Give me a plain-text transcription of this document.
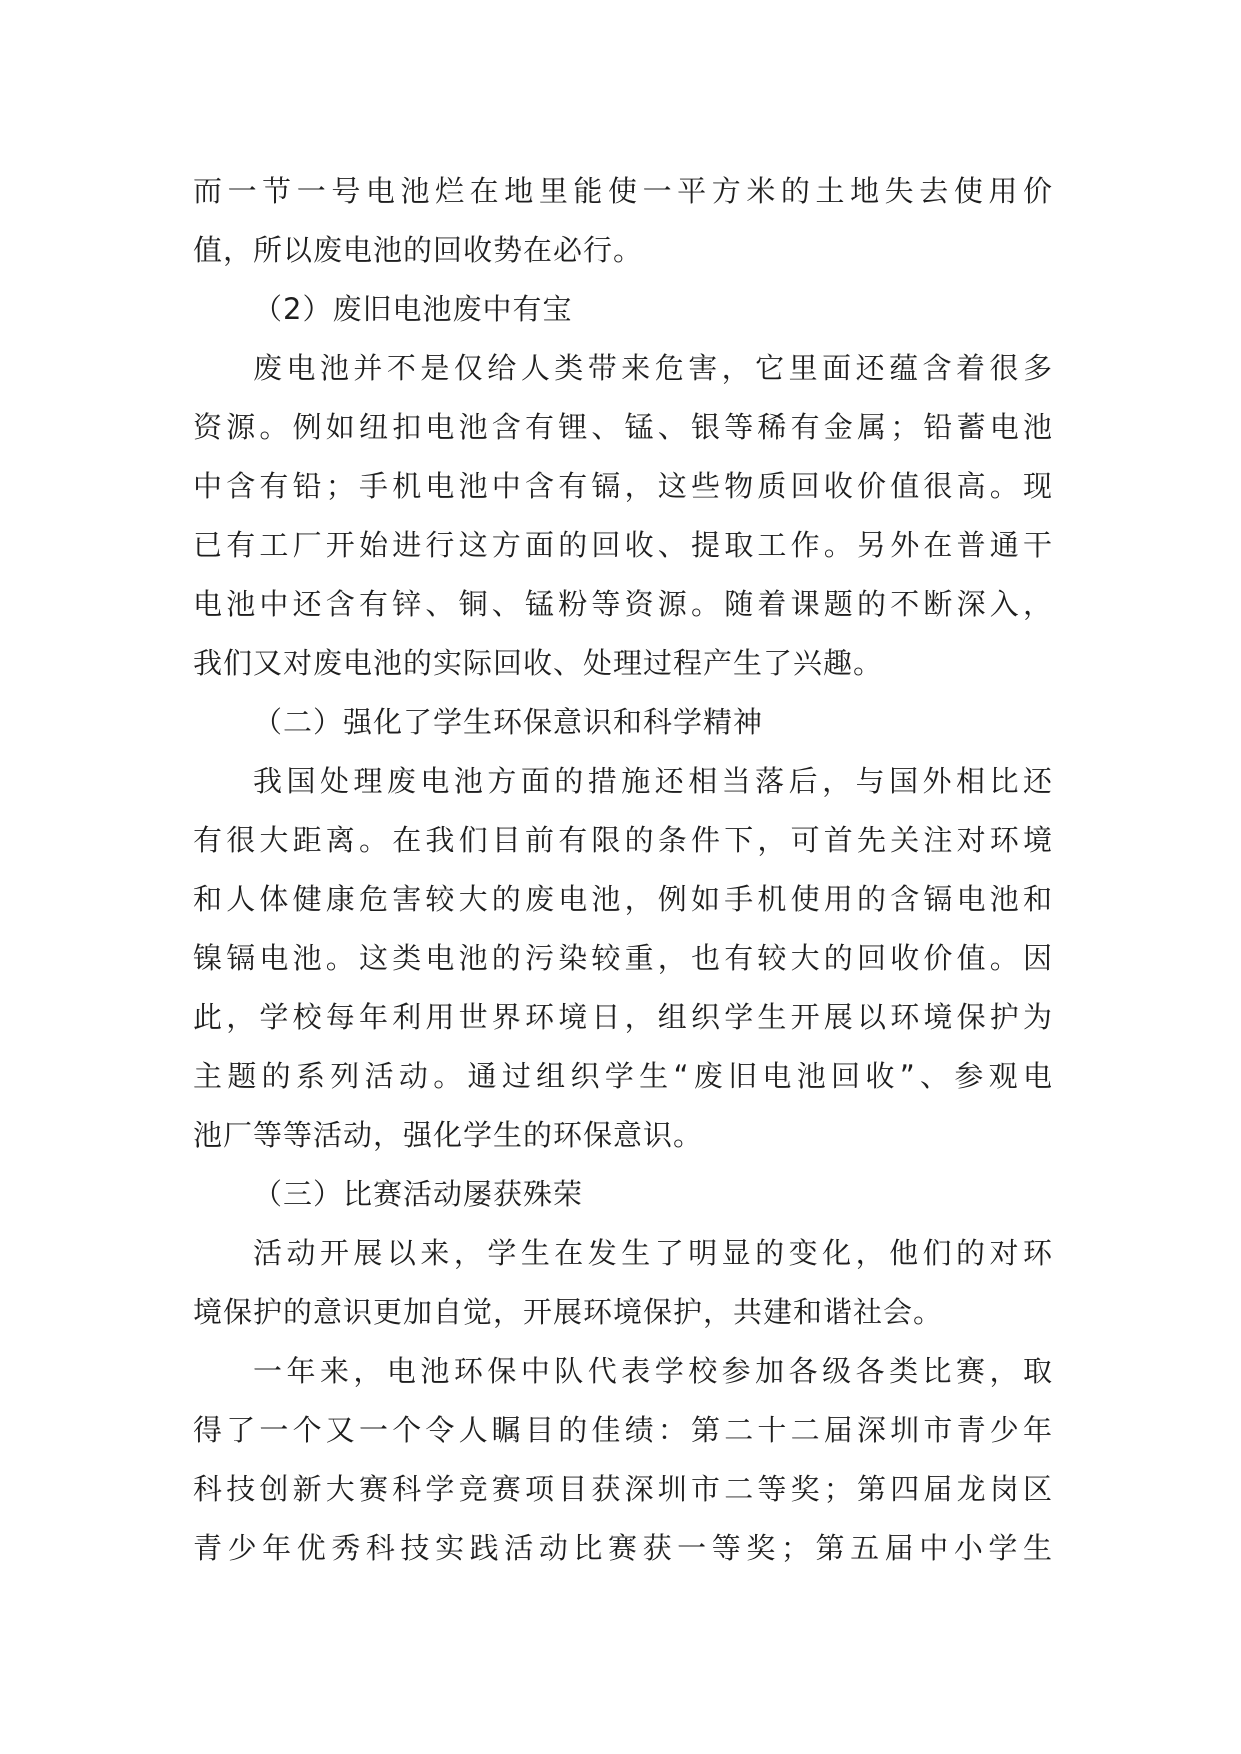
而一节一号电池烂在地里能使一平方米的土地失去使用价
值，所以废电池的回收势在必行。
（2）废旧电池废中有宝
废电池并不是仅给人类带来危害，它里面还蕴含着很多
资源。例如纽扣电池含有锂、锰、银等稀有金属；铅蓄电池
中含有铅；手机电池中含有镉，这些物质回收价值很高。现
已有工厂开始进行这方面的回收、提取工作。另外在普通干
电池中还含有锌、铜、锰粉等资源。随着课题的不断深入，
我们又对废电池的实际回收、处理过程产生了兴趣。
（二）强化了学生环保意识和科学精神
我国处理废电池方面的措施还相当落后，与国外相比还
有很大距离。在我们目前有限的条件下，可首先关注对环境
和人体健康危害较大的废电池，例如手机使用的含镉电池和
镍镉电池。这类电池的污染较重，也有较大的回收价值。因
此，学校每年利用世界环境日，组织学生开展以环境保护为
主题的系列活动。通过组织学生“废旧电池回收”、参观电
池厂等等活动，强化学生的环保意识。
（三）比赛活动屡获殊荣
活动开展以来，学生在发生了明显的变化，他们的对环
境保护的意识更加自觉，开展环境保护，共建和谐社会。
一年来，电池环保中队代表学校参加各级各类比赛，取
得了一个又一个令人瞩目的佳绩：第二十二届深圳市青少年
科技创新大赛科学竞赛项目获深圳市二等奖；第四届龙岗区
青少年优秀科技实践活动比赛获一等奖；第五届中小学生
